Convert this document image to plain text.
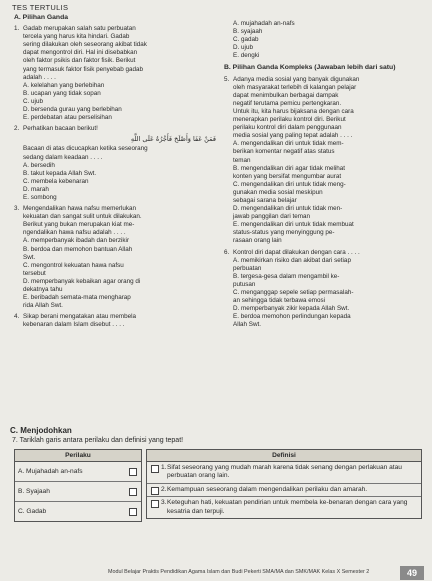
TES TERTULIS
A. Pilihan Ganda
1. Gadab merupakan salah satu perbuatan
tercela yang harus kita hindari. Gadab
sering dilakukan oleh seseorang akibat tidak
dapat mengontrol diri. Hal ini disebabkan
oleh faktor psikis dan faktor fisik. Berikut
yang termasuk faktor fisik penyebab gadab
adalah . . . .
A. kelelahan yang berlebihan
B. ucapan yang tidak sopan
C. ujub
D. bersenda gurau yang berlebihan
E. perdebatan atau perselisihan
2. Perhatikan bacaan berikut!
فَمَنْ عَفَا وَأَصْلَحَ فَأَجْرُهُ عَلَى اللَّهِ
Bacaan di atas dicucapkan ketika seseorang
sedang dalam keadaan . . . .
A. bersedih
B. takut kepada Allah Swt.
C. membela kebenaran
D. marah
E. sombong
3. Mengendalikan hawa nafsu memerlukan
kekuatan dan sangat sulit untuk dilakukan.
Berikut yang bukan merupakan kiat me-
ngendalikan hawa nafsu adalah . . . .
A. memperbanyak ibadah dan berzikir
B. berdoa dan memohon bantuan Allah
Swt.
C. mengontrol kekuatan hawa nafsu
tersebut
D. memperbanyak kebaikan agar orang di
dekatnya tahu
E. beribadah semata-mata mengharap
rida Allah Swt.
4. Sikap berani mengatakan atau membela
kebenaran dalam Islam disebut . . . .
A. mujahadah an-nafs
B. syajaah
C. gadab
D. ujub
E. dengki
B. Pilihan Ganda Kompleks (Jawaban lebih dari satu)
5. Adanya media sosial yang banyak digunakan
oleh masyarakat terlebih di kalangan pelajar
dapat menimbulkan berbagai dampak
negatif terutama pemicu pertengkaran.
Untuk itu, kita harus bijaksana dengan cara
menerapkan perilaku kontrol diri. Berikut
perilaku kontrol diri dalam penggunaan
media sosial yang paling tepat adalah . . . .
A. mengendalikan diri untuk tidak mem-
berikan komentar negatif atas status
teman
B. mengendalikan diri agar tidak melihat
konten yang bersifat mengumbar aurat
C. mengendalikan diri untuk tidak meng-
gunakan media sosial meskipun
sebagai sarana belajar
D. mengendalikan diri untuk tidak men-
jawab panggilan dari teman
E. mengendalikan diri untuk tidak membuat
status-status yang menyinggung pe-
rasaan orang lain
6. Kontrol diri dapat dilakukan dengan cara . . . .
A. memikirkan risiko dan akibat dari setiap
perbuatan
B. tergesa-gesa dalam mengambil ke-
putusan
C. menganggap sepele setiap permasalah-
an sehingga tidak terbawa emosi
D. memperbanyak zikir kepada Allah Swt.
E. berdoa memohon perlindungan kepada
Allah Swt.
C. Menjodohkan
7. Tariklah garis antara perilaku dan definisi yang tepat!
Perilaku
A. Mujahadah an-nafs
B. Syajaah
C. Gadab
Definisi
1. Sifat seseorang yang mudah marah karena tidak senang dengan perlakuan atau perbuatan orang lain.
2. Kemampuan seseorang dalam mengendalikan perilaku dan amarah.
3. Keteguhan hati, kekuatan pendirian untuk membela ke-benaran dengan cara yang kesatria dan terpuji.
Modul Belajar Praktis Pendidikan Agama Islam dan Budi Pekerti SMA/MA dan SMK/MAK Kelas X Semester 2	49
